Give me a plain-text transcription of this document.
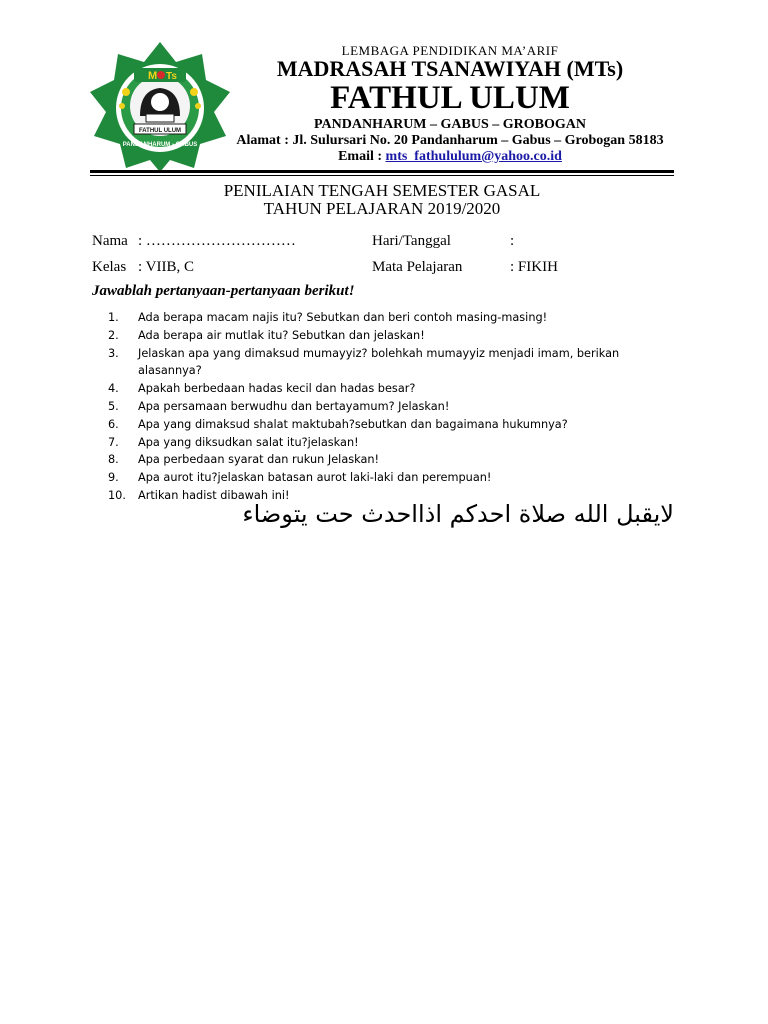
M Ts
FATHUL ULUM
PANDANHARUM - GABUS
LEMBAGA PENDIDIKAN MA’ARIF
MADRASAH TSANAWIYAH (MTs)
FATHUL ULUM
PANDANHARUM – GABUS – GROBOGAN
Alamat : Jl. Sulursari No. 20 Pandanharum – Gabus – Grobogan 58183
Email : mts_fathululum@yahoo.co.id
PENILAIAN TENGAH SEMESTER GASAL
TAHUN PELAJARAN 2019/2020
Nama : …………………………	Hari/Tanggal	:
Kelas : VIIB, C	Mata Pelajaran	: FIKIH
Jawablah pertanyaan-pertanyaan berikut!
1.	Ada berapa macam najis itu? Sebutkan dan beri contoh masing-masing!
2.	Ada berapa air mutlak itu? Sebutkan dan jelaskan!
3.	Jelaskan apa yang dimaksud mumayyiz? bolehkah mumayyiz menjadi imam, berikan alasannya?
4.	Apakah berbedaan hadas kecil dan hadas besar?
5.	Apa persamaan berwudhu dan bertayamum? Jelaskan!
6.	Apa yang dimaksud shalat maktubah?sebutkan dan bagaimana hukumnya?
7.	Apa yang diksudkan salat itu?jelaskan!
8.	Apa perbedaan syarat dan rukun Jelaskan!
9.	Apa aurot itu?jelaskan batasan aurot laki-laki dan perempuan!
10.	Artikan hadist dibawah ini!
لايقبل الله صلاة احدكم اذااحدث حت يتوضاء
